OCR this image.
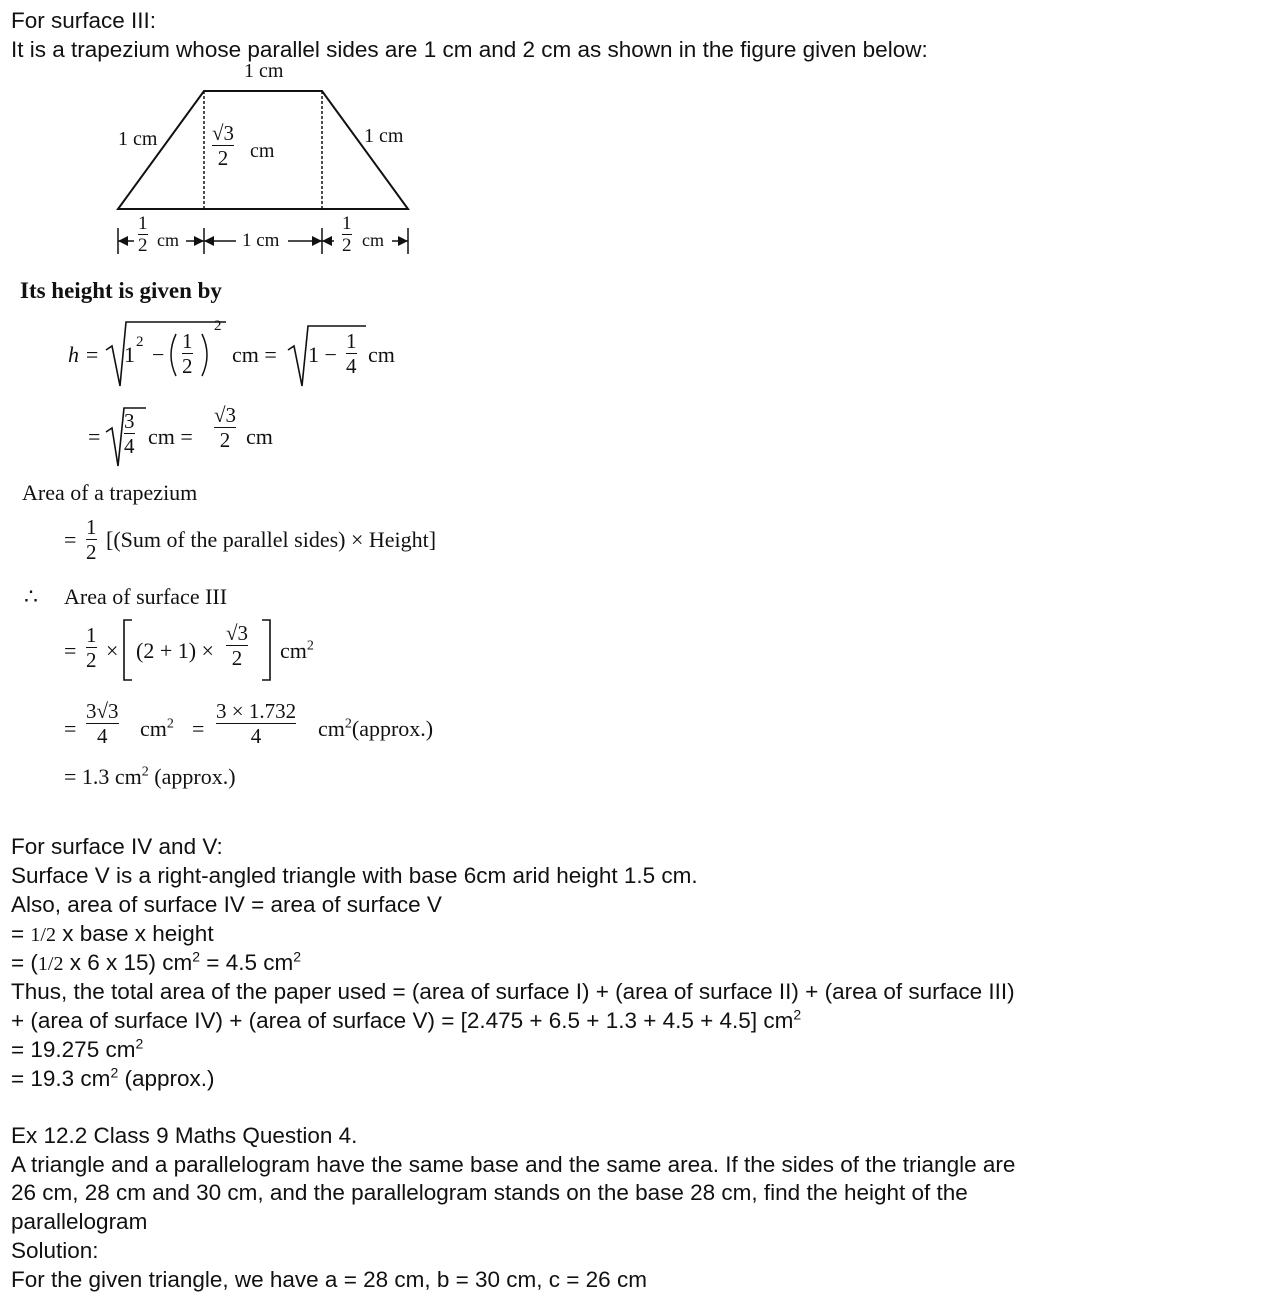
For surface III:
It is a trapezium whose parallel sides are 1 cm and 2 cm as shown in the figure given below:
1 cm
1 cm	1 cm
√3
2 cm
1
2 cm	1 cm
1
2 cm
Its height is given by
h = 1 2 −
1
2
2
cm = 1 −
1
4 cm
=
3
4 cm =
√3
2 cm
Area of a trapezium
= 1
2 [(Sum of the parallel sides) × Height]
∴ Area of surface III
=
1
2 × (2 + 1) ×
√3
2 $cm^2$
=
3√3
4 $cm^2$ =
3 × 1.732
4	$cm^2(approx.)$
= 1.3 $cm^2$ (approx.)
For surface IV and V:
Surface V is a right-angled triangle with base 6cm arid height 1.5 cm.
Also, area of surface IV = area of surface V
= 1/2 x base x height
= (1/2 x 6 x 15) $cm^2 = 4.5$ $cm^2$
Thus, the total area of the paper used = (area of surface I) + (area of surface II) + (area of surface III)
+ (area of surface IV) + (area of surface V) = [2.475 + 6.5 + 1.3 + 4.5 + 4.5] $cm^2$
= 19.275 $cm^2$
= 19.3 $cm^2$ (approx.)
Ex 12.2 Class 9 Maths Question 4.
A triangle and a parallelogram have the same base and the same area. If the sides of the triangle are
26 cm, 28 cm and 30 cm, and the parallelogram stands on the base 28 cm, find the height of the
parallelogram
Solution:
For the given triangle, we have a = 28 cm, b = 30 cm, c = 26 cm
